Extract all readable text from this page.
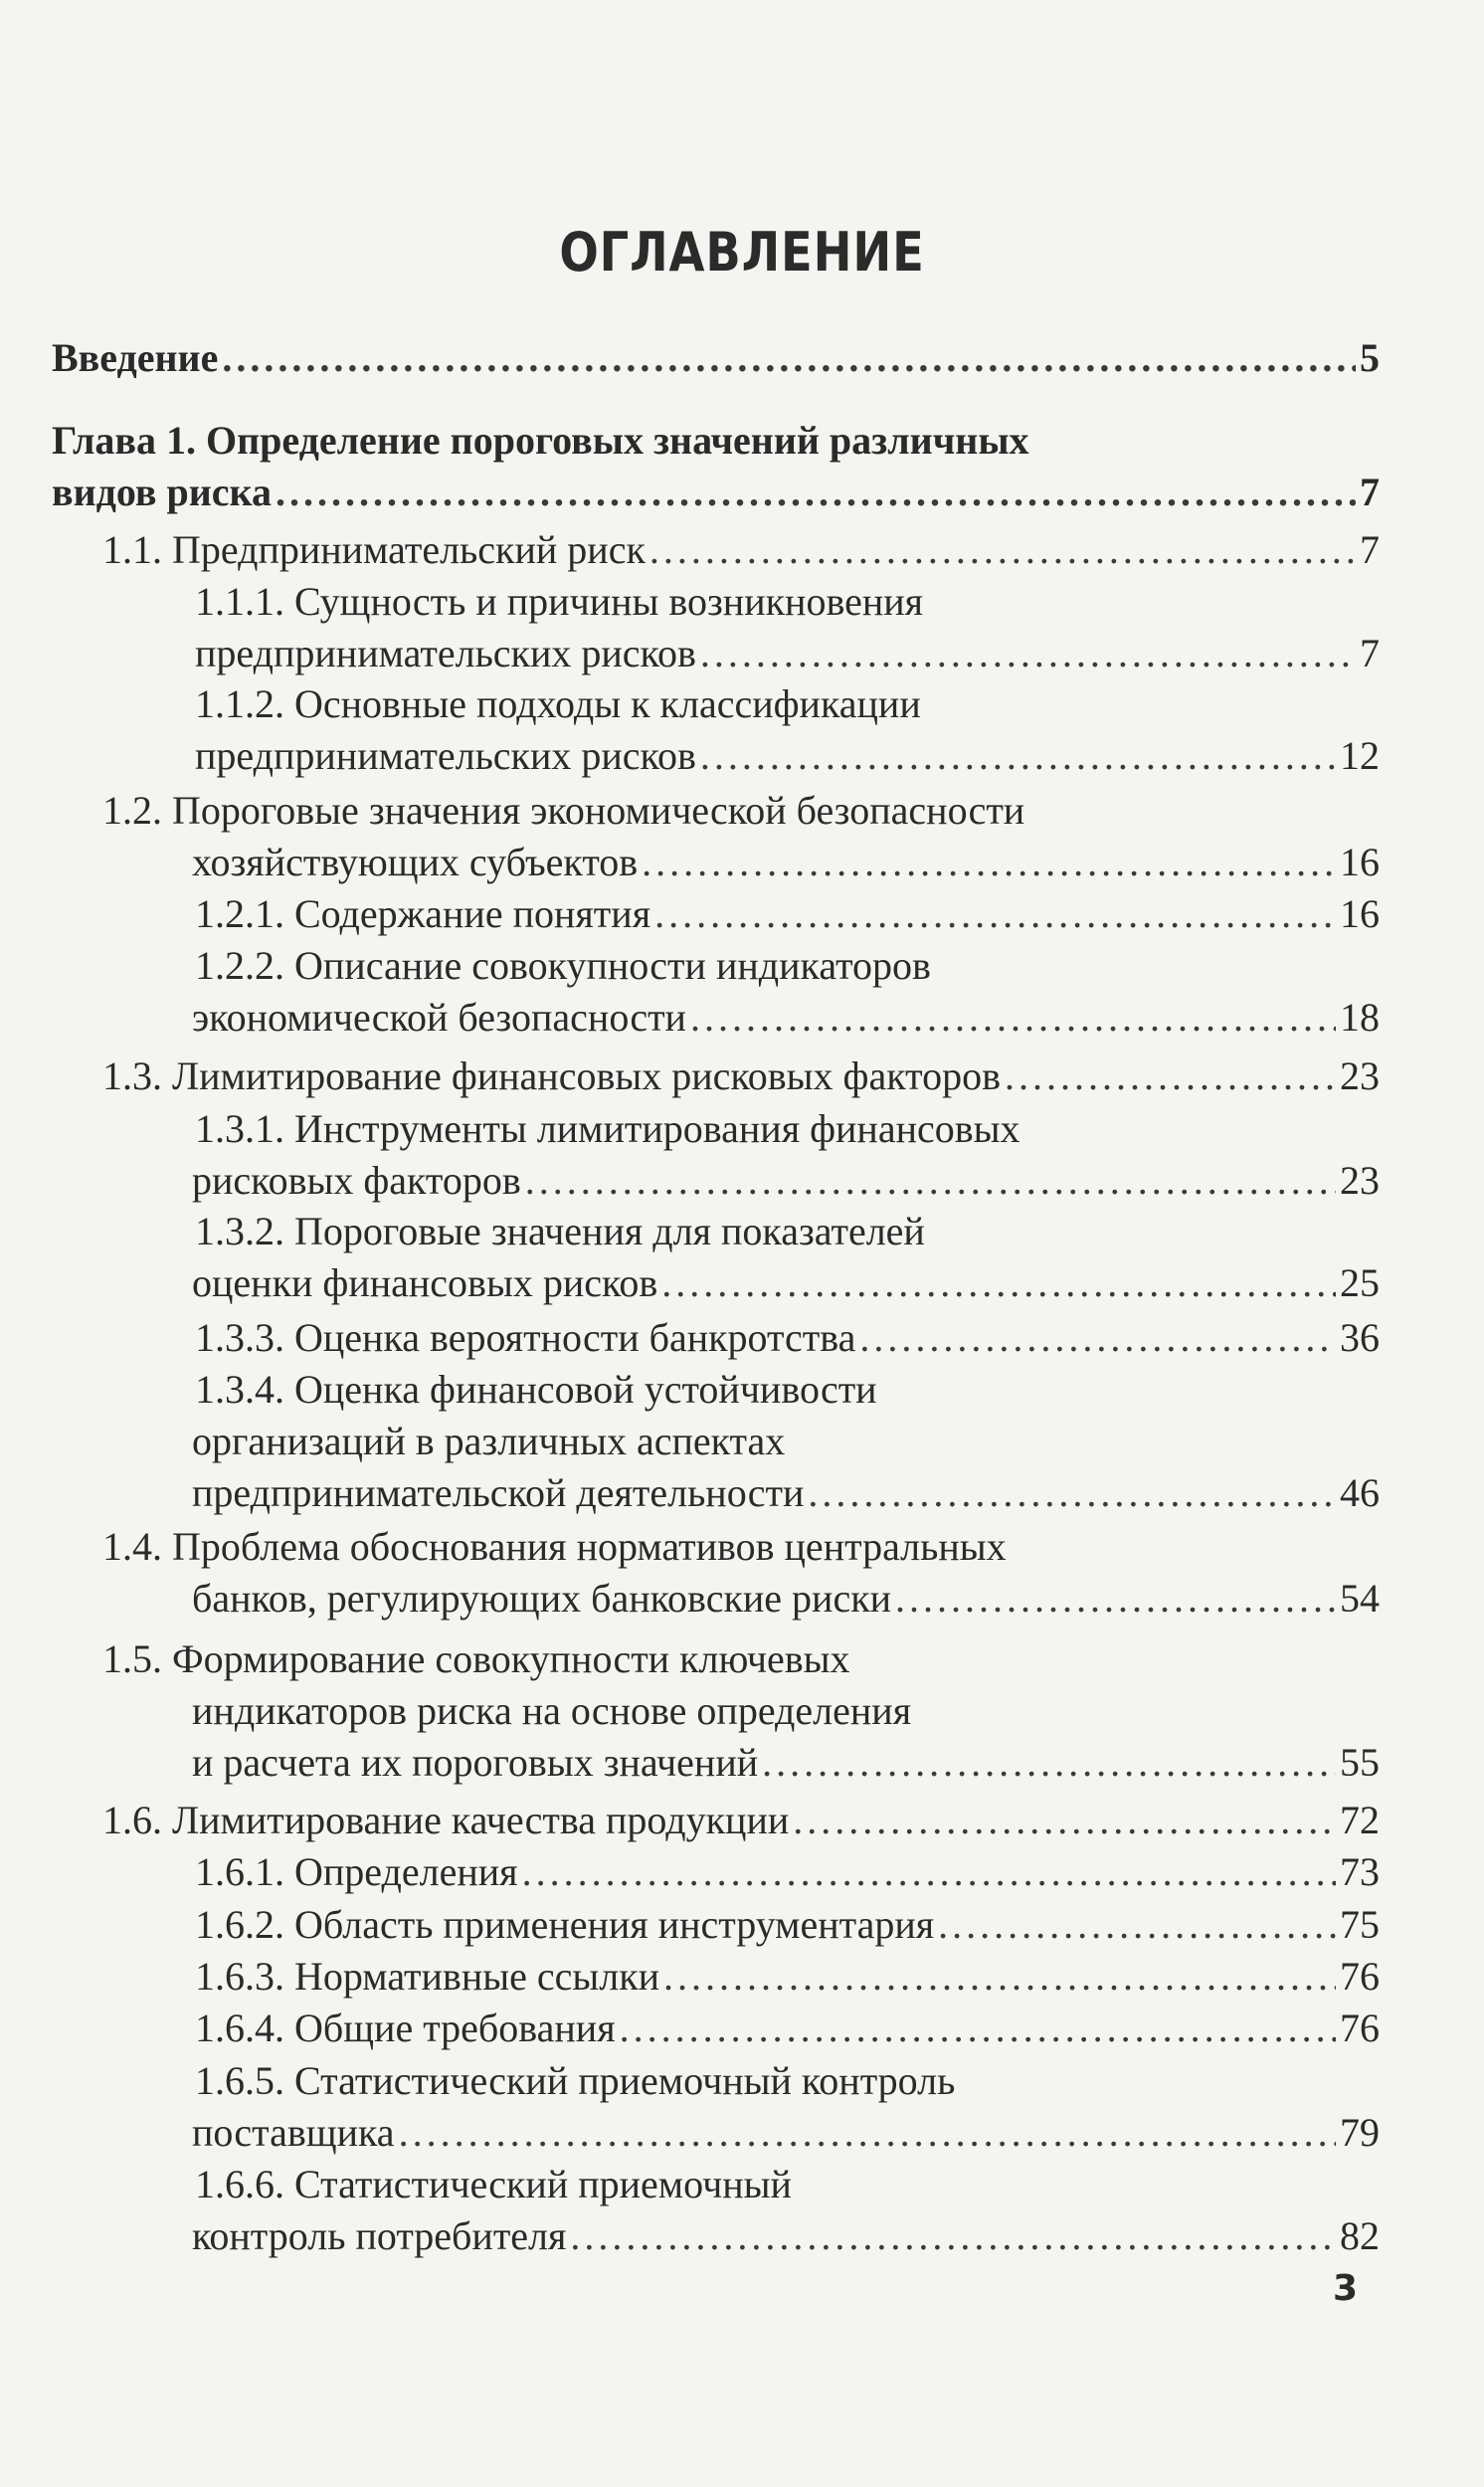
ОГЛАВЛЕНИЕ
Введение . . .	5
Глава 1. Определение пороговых значений различных
видов риска . . .	7
1.1. Предпринимательский риск . . .	7
1.1.1. Сущность и причины возникновения
предпринимательских рисков . . .	7
1.1.2. Основные подходы к классификации
предпринимательских рисков . . .	12
1.2. Пороговые значения экономической безопасности
хозяйствующих субъектов . . .	16
1.2.1. Содержание понятия . . .	16
1.2.2. Описание совокупности индикаторов
экономической безопасности . . .	18
1.3. Лимитирование финансовых рисковых факторов . . .	23
1.3.1. Инструменты лимитирования финансовых
рисковых факторов . . .	23
1.3.2. Пороговые значения для показателей
оценки финансовых рисков . . .	25
1.3.3. Оценка вероятности банкротства . . .	36
1.3.4. Оценка финансовой устойчивости
организаций в различных аспектах
предпринимательской деятельности . . .	46
1.4. Проблема обоснования нормативов центральных
банков, регулирующих банковские риски . . .	54
1.5. Формирование совокупности ключевых
индикаторов риска на основе определения
и расчета их пороговых значений . . .	55
1.6. Лимитирование качества продукции . . .	72
1.6.1. Определения . . .	73
1.6.2. Область применения инструментария . . .	75
1.6.3. Нормативные ссылки . . .	76
1.6.4. Общие требования . . .	76
1.6.5. Статистический приемочный контроль
поставщика . . .	79
1.6.6. Статистический приемочный
контроль потребителя . . .	82
3
